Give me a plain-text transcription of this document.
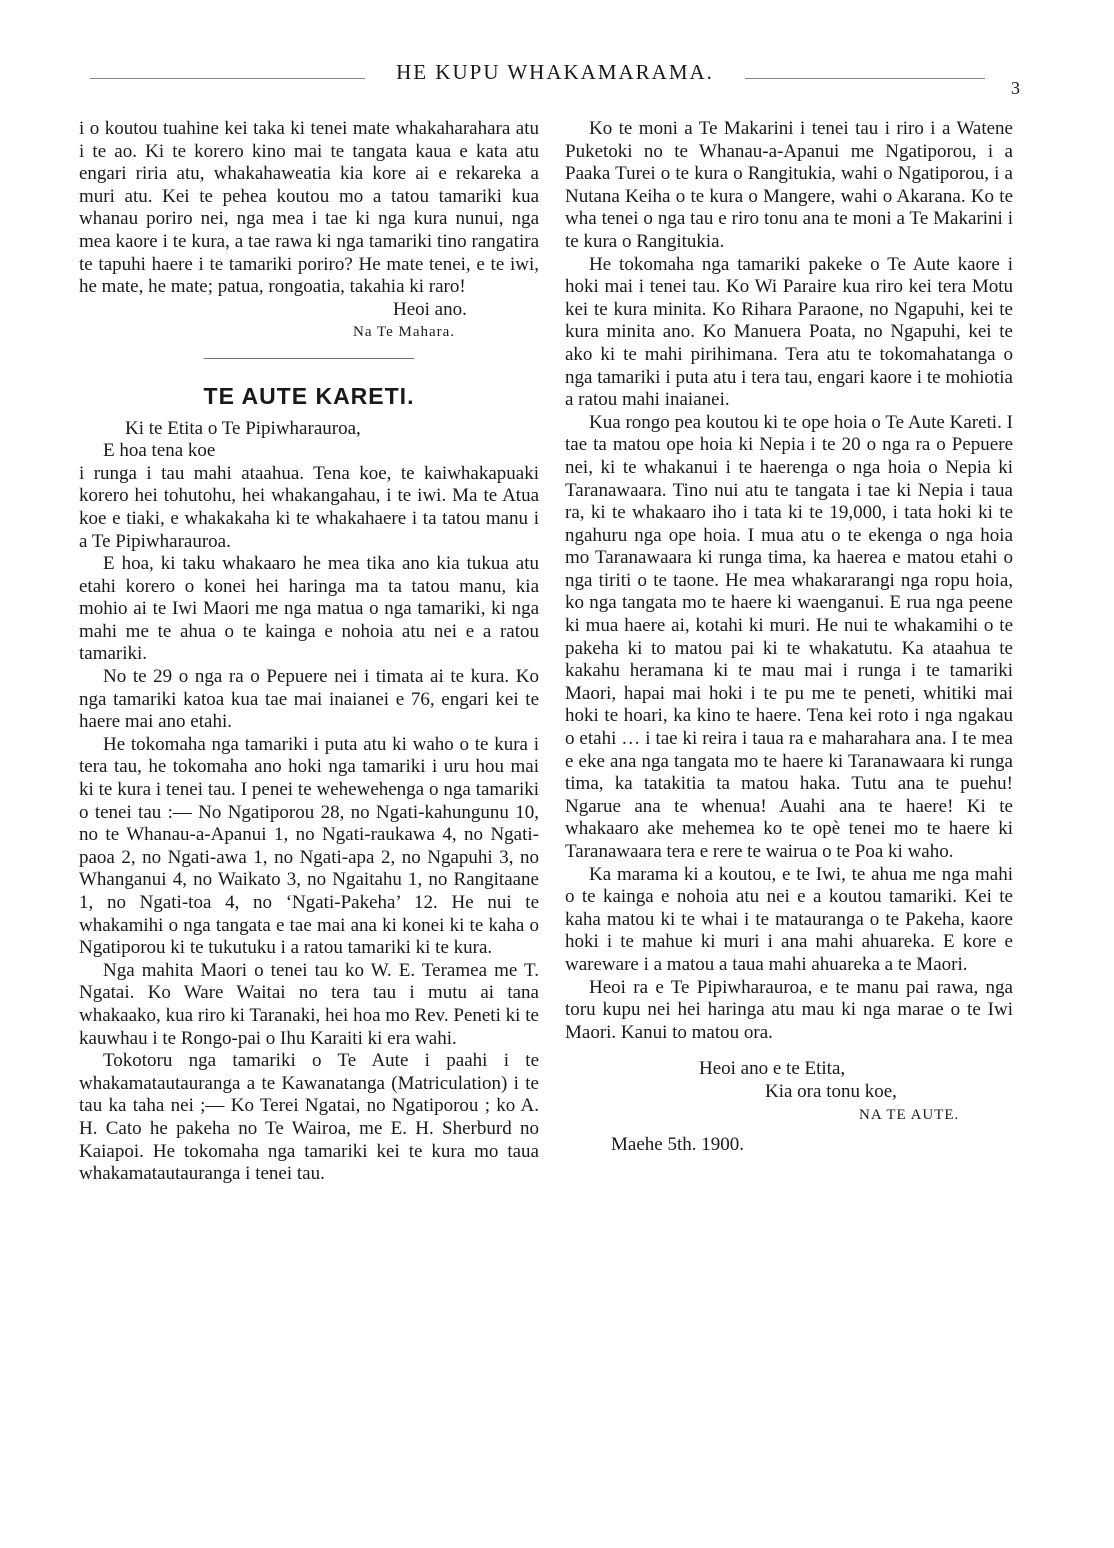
HE KUPU WHAKAMARAMA.
3

i o koutou tuahine kei taka ki tenei mate whakaharahara atu i te ao. Ki te korero kino mai te tangata kaua e kata atu engari riria atu, whakahaweatia kia kore ai e rekareka a muri atu. Kei te pehea koutou mo a tatou tamariki kua whanau poriro nei, nga mea i tae ki nga kura nunui, nga mea kaore i te kura, a tae rawa ki nga tamariki tino rangatira te tapuhi haere i te tamariki poriro? He mate tenei, e te iwi, he mate, he mate; patua, rongoatia, takahia ki raro!

Heoi ano.

Na Te Mahara.

TE AUTE KARETI.

Ki te Etita o Te Pipiwharauroa,

E hoa tena koe

i runga i tau mahi ataahua. Tena koe, te kaiwhakapuaki korero hei tohutohu, hei whakangahau, i te iwi. Ma te Atua koe e tiaki, e whakakaha ki te whakahaere i ta tatou manu i a Te Pipiwharauroa.

E hoa, ki taku whakaaro he mea tika ano kia tukua atu etahi korero o konei hei haringa ma ta tatou manu, kia mohio ai te Iwi Maori me nga matua o nga tamariki, ki nga mahi me te ahua o te kainga e nohoia atu nei e a ratou tamariki.

No te 29 o nga ra o Pepuere nei i timata ai te kura. Ko nga tamariki katoa kua tae mai inaianei e 76, engari kei te haere mai ano etahi.

He tokomaha nga tamariki i puta atu ki waho o te kura i tera tau, he tokomaha ano hoki nga tamariki i uru hou mai ki te kura i tenei tau. I penei te wehewehenga o nga tamariki o tenei tau :— No Ngatiporou 28, no Ngati-kahungunu 10, no te Whanau-a-Apanui 1, no Ngati-raukawa 4, no Ngati-paoa 2, no Ngati-awa 1, no Ngati-apa 2, no Ngapuhi 3, no Whanganui 4, no Waikato 3, no Ngaitahu 1, no Rangitaane 1, no Ngati-toa 4, no ‘Ngati-Pakeha’ 12. He nui te whakamihi o nga tangata e tae mai ana ki konei ki te kaha o Ngatiporou ki te tukutuku i a ratou tamariki ki te kura.

Nga mahita Maori o tenei tau ko W. E. Teramea me T. Ngatai. Ko Ware Waitai no tera tau i mutu ai tana whakaako, kua riro ki Taranaki, hei hoa mo Rev. Peneti ki te kauwhau i te Rongo-pai o Ihu Karaiti ki era wahi.

Tokotoru nga tamariki o Te Aute i paahi i te whakamatautauranga a te Kawanatanga (Matriculation) i te tau ka taha nei ;— Ko Terei Ngatai, no Ngatiporou ; ko A. H. Cato he pakeha no Te Wairoa, me E. H. Sherburd no Kaiapoi. He tokomaha nga tamariki kei te kura mo taua whakamatautauranga i tenei tau.

Ko te moni a Te Makarini i tenei tau i riro i a Watene Puketoki no te Whanau-a-Apanui me Ngatiporou, i a Paaka Turei o te kura o Rangitukia, wahi o Ngatiporou, i a Nutana Keiha o te kura o Mangere, wahi o Akarana. Ko te wha tenei o nga tau e riro tonu ana te moni a Te Makarini i te kura o Rangitukia.

He tokomaha nga tamariki pakeke o Te Aute kaore i hoki mai i tenei tau. Ko Wi Paraire kua riro kei tera Motu kei te kura minita. Ko Rihara Paraone, no Ngapuhi, kei te kura minita ano. Ko Manuera Poata, no Ngapuhi, kei te ako ki te mahi pirihimana. Tera atu te tokomahatanga o nga tamariki i puta atu i tera tau, engari kaore i te mohiotia a ratou mahi inaianei.

Kua rongo pea koutou ki te ope hoia o Te Aute Kareti. I tae ta matou ope hoia ki Nepia i te 20 o nga ra o Pepuere nei, ki te whakanui i te haerenga o nga hoia o Nepia ki Taranawaara. Tino nui atu te tangata i tae ki Nepia i taua ra, ki te whakaaro iho i tata ki te 19,000, i tata hoki ki te ngahuru nga ope hoia. I mua atu o te ekenga o nga hoia mo Taranawaara ki runga tima, ka haerea e matou etahi o nga tiriti o te taone. He mea whakararangi nga ropu hoia, ko nga tangata mo te haere ki waenganui. E rua nga peene ki mua haere ai, kotahi ki muri. He nui te whakamihi o te pakeha ki to matou pai ki te whakatutu. Ka ataahua te kakahu heramana ki te mau mai i runga i te tamariki Maori, hapai mai hoki i te pu me te peneti, whitiki mai hoki te hoari, ka kino te haere. Tena kei roto i nga ngakau o etahi … i tae ki reira i taua ra e maharahara ana. I te mea e eke ana nga tangata mo te haere ki Taranawaara ki runga tima, ka tatakitia ta matou haka. Tutu ana te puehu! Ngarue ana te whenua! Auahi ana te haere! Ki te whakaaro ake mehemea ko te opè tenei mo te haere ki Taranawaara tera e rere te wairua o te Poa ki waho.

Ka marama ki a koutou, e te Iwi, te ahua me nga mahi o te kainga e nohoia atu nei e a koutou tamariki. Kei te kaha matou ki te whai i te matauranga o te Pakeha, kaore hoki i te mahue ki muri i ana mahi ahuareka. E kore e wareware i a matou a taua mahi ahuareka a te Maori.

Heoi ra e Te Pipiwharauroa, e te manu pai rawa, nga toru kupu nei hei haringa atu mau ki nga marae o te Iwi Maori. Kanui to matou ora.

Heoi ano e te Etita,

Kia ora tonu koe,

NA TE AUTE.

Maehe 5th. 1900.
